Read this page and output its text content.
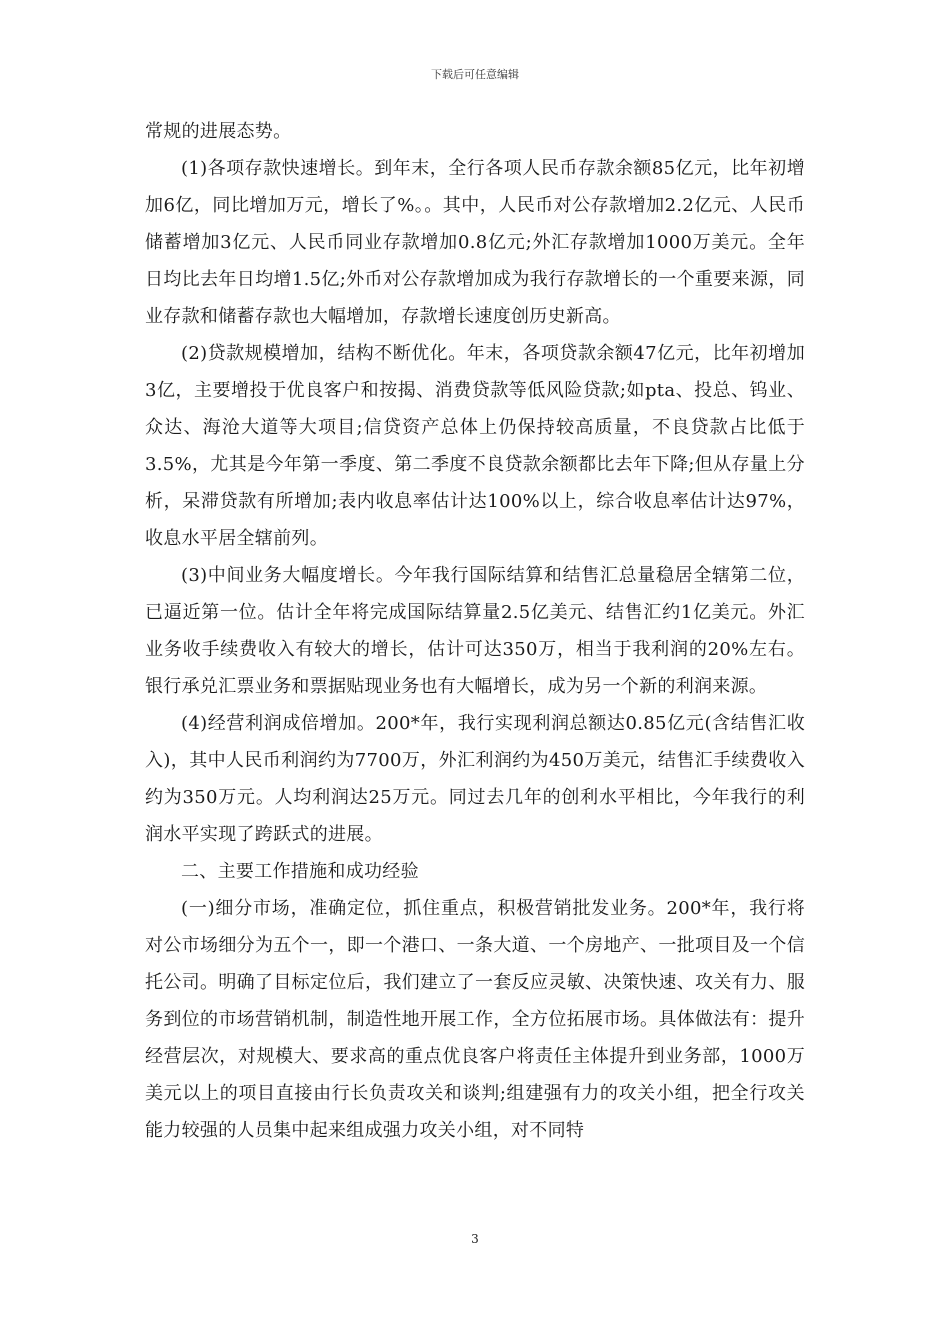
下载后可任意编辑

常规的进展态势。

(1)各项存款快速增长。到年末，全行各项人民币存款余额85亿元，比年初增加6亿，同比增加万元，增长了%。。其中，人民币对公存款增加2.2亿元、人民币储蓄增加3亿元、人民币同业存款增加0.8亿元;外汇存款增加1000万美元。全年日均比去年日均增1.5亿;外币对公存款增加成为我行存款增长的一个重要来源，同业存款和储蓄存款也大幅增加，存款增长速度创历史新高。

(2)贷款规模增加，结构不断优化。年末，各项贷款余额47亿元，比年初增加3亿，主要增投于优良客户和按揭、消费贷款等低风险贷款;如pta、投总、钨业、众达、海沧大道等大项目;信贷资产总体上仍保持较高质量，不良贷款占比低于3.5%，尤其是今年第一季度、第二季度不良贷款余额都比去年下降;但从存量上分析，呆滞贷款有所增加;表内收息率估计达100%以上，综合收息率估计达97%，收息水平居全辖前列。

(3)中间业务大幅度增长。今年我行国际结算和结售汇总量稳居全辖第二位，已逼近第一位。估计全年将完成国际结算量2.5亿美元、结售汇约1亿美元。外汇业务收手续费收入有较大的增长，估计可达350万，相当于我利润的20%左右。银行承兑汇票业务和票据贴现业务也有大幅增长，成为另一个新的利润来源。

(4)经营利润成倍增加。200*年，我行实现利润总额达0.85亿元(含结售汇收入)，其中人民币利润约为7700万，外汇利润约为450万美元，结售汇手续费收入约为350万元。人均利润达25万元。同过去几年的创利水平相比，今年我行的利润水平实现了跨跃式的进展。

二、主要工作措施和成功经验

(一)细分市场，准确定位，抓住重点，积极营销批发业务。200*年，我行将对公市场细分为五个一，即一个港口、一条大道、一个房地产、一批项目及一个信托公司。明确了目标定位后，我们建立了一套反应灵敏、决策快速、攻关有力、服务到位的市场营销机制，制造性地开展工作，全方位拓展市场。具体做法有：提升经营层次，对规模大、要求高的重点优良客户将责任主体提升到业务部，1000万美元以上的项目直接由行长负责攻关和谈判;组建强有力的攻关小组，把全行攻关能力较强的人员集中起来组成强力攻关小组，对不同特

3
